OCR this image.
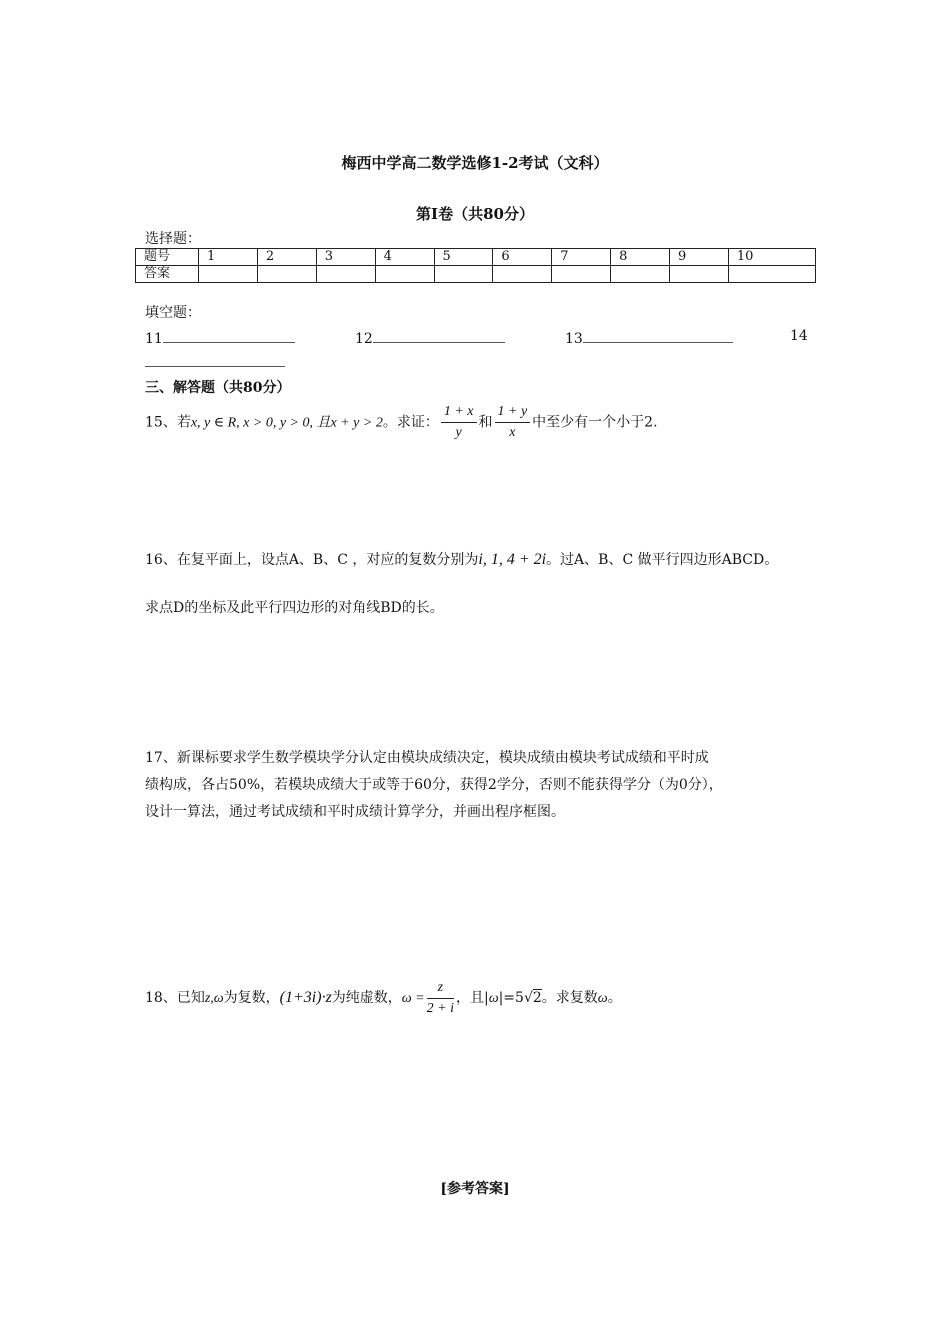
梅西中学高二数学选修1-2考试（文科）
第Ⅰ卷（共80分）
选择题：
题号	1	2	3	4	5	6	7	8	9	10
答案										
填空题：
11	12	13	14
三、解答题（共80分）
15、若x, y ∈ R, x > 0, y > 0, 且x + y > 2。求证： $\frac{1 + x}{y}$ 和 $\frac{1 + y}{x}$ 中至少有一个小于2.
16、在复平面上，设点A、B、C ，对应的复数分别为i, 1, 4 + 2i。过A、B、C 做平行四边形ABCD。
求点D的坐标及此平行四边形的对角线BD的长。
17、新课标要求学生数学模块学分认定由模块成绩决定，模块成绩由模块考试成绩和平时成
绩构成，各占50%，若模块成绩大于或等于60分，获得2学分，否则不能获得学分（为0分），
设计一算法，通过考试成绩和平时成绩计算学分，并画出程序框图。
18、已知z,ω为复数，(1+3i)·z为纯虚数，$\omega = \frac{z}{2 + i}$ ，且|ω|=5√2。求复数ω。
[参考答案]
